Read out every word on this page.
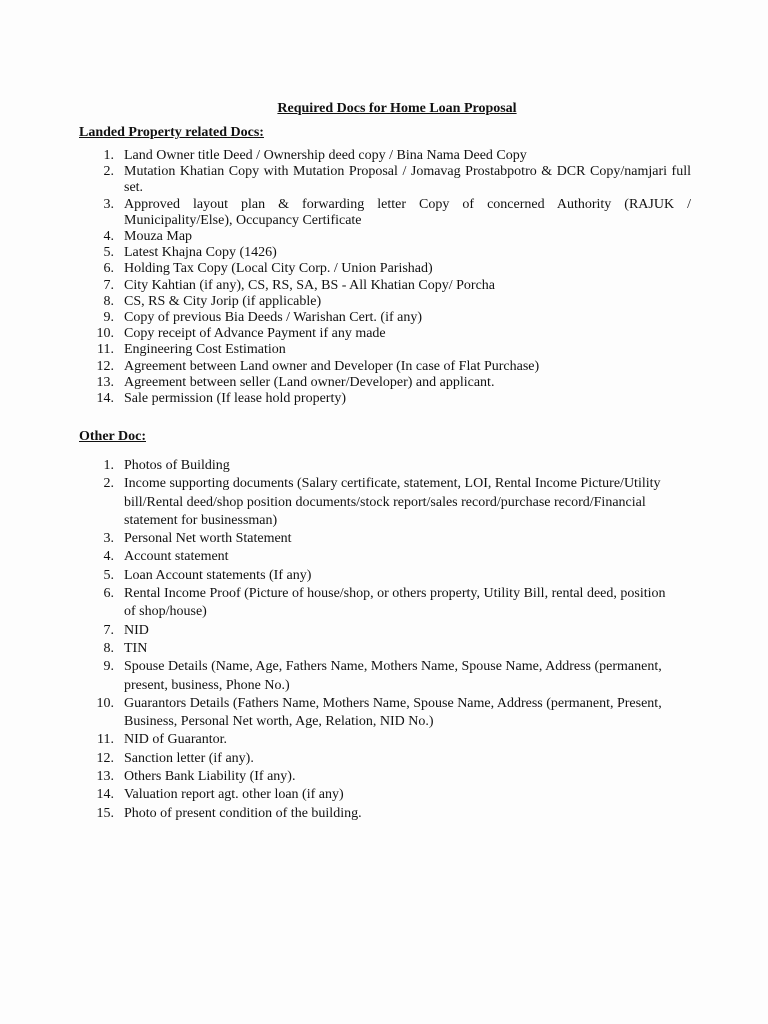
Required Docs for Home Loan Proposal
Landed Property related Docs:
1. Land Owner title Deed / Ownership deed copy / Bina Nama Deed Copy
2. Mutation Khatian Copy with Mutation Proposal / Jomavag Prostabpotro & DCR Copy/namjari full set.
3. Approved layout plan & forwarding letter Copy of concerned Authority (RAJUK / Municipality/Else), Occupancy Certificate
4. Mouza Map
5. Latest Khajna Copy (1426)
6. Holding Tax Copy (Local City Corp. / Union Parishad)
7. City Kahtian (if any), CS, RS, SA, BS - All Khatian Copy/ Porcha
8. CS, RS & City Jorip (if applicable)
9. Copy of previous Bia Deeds / Warishan Cert. (if any)
10. Copy receipt of Advance Payment if any made
11. Engineering Cost Estimation
12. Agreement between Land owner and Developer (In case of Flat Purchase)
13. Agreement between seller (Land owner/Developer) and applicant.
14. Sale permission (If lease hold property)
Other Doc:
1. Photos of Building
2. Income supporting documents (Salary certificate, statement, LOI, Rental Income Picture/Utility bill/Rental deed/shop position documents/stock report/sales record/purchase record/Financial statement for businessman)
3. Personal Net worth Statement
4. Account statement
5. Loan Account statements (If any)
6. Rental Income Proof (Picture of house/shop, or others property, Utility Bill, rental deed, position of shop/house)
7. NID
8. TIN
9. Spouse Details (Name, Age, Fathers Name, Mothers Name, Spouse Name, Address (permanent, present, business, Phone No.)
10. Guarantors Details (Fathers Name, Mothers Name, Spouse Name, Address (permanent, Present, Business, Personal Net worth, Age, Relation, NID No.)
11. NID of Guarantor.
12. Sanction letter (if any).
13. Others Bank Liability (If any).
14. Valuation report agt. other loan (if any)
15. Photo of present condition of the building.
